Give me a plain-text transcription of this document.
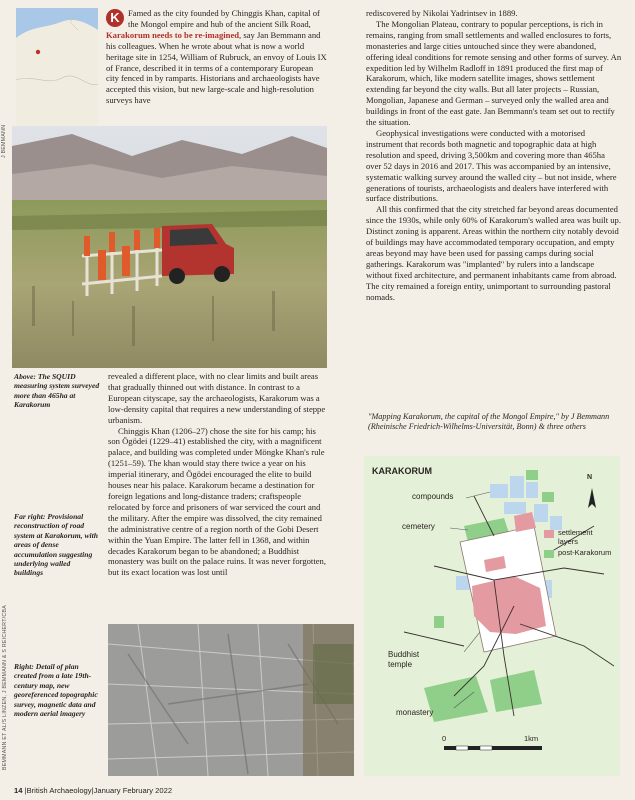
J BEMMANN

K Famed as the city founded by Chinggis Khan, capital of the Mongol empire and hub of the ancient Silk Road, Karakorum needs to be re-imagined, say Jan Bemmann and his colleagues. When he wrote about what is now a world heritage site in 1254, William of Rubruck, an envoy of Louis IX of France, described it in terms of a contemporary European city fenced in by ramparts. Historians and archaeologists have accepted this vision, but new large-scale and high-resolution surveys have

Above: The SQUID measuring system surveyed more than 465ha at Karakorum

revealed a different place, with no clear limits and built areas that gradually thinned out with distance. In contrast to a European cityscape, say the archaeologists, Karakorum was a low-density capital that requires a new understanding of steppe urbanism.

Chinggis Khan (1206–27) chose the site for his camp; his son Ögödei (1229–41) established the city, with a magnificent palace, and building was completed under Möngke Khan's rule (1251–59). The khan would stay there twice a year on his imperial itinerary, and Ögödei encouraged the elite to build houses near his palace. Karakorum became a destination for foreign legations and long-distance traders; craftspeople relocated by force and prisoners of war serviced the court and the military. After the empire was dissolved, the city remained the administrative centre of a region north of the Gobi Desert within the Yuan Empire. The latter fell in 1368, and within decades Karakorum began to be abandoned; a Buddhist monastery was built on the palace ruins. It was never forgotten, but its exact location was lost until

rediscovered by Nikolai Yadrintsev in 1889.

The Mongolian Plateau, contrary to popular perceptions, is rich in remains, ranging from small settlements and walled enclosures to forts, monasteries and large cities untouched since they were abandoned, offering ideal conditions for remote sensing and other forms of survey. An expedition led by Wilhelm Radloff in 1891 produced the first map of Karakorum, which, like modern satellite images, shows settlement extending far beyond the city walls. But all later projects – Russian, Mongolian, Japanese and German – surveyed only the walled area and buildings in front of the east gate. Jan Bemmann's team set out to rectify the situation.

Geophysical investigations were conducted with a motorised instrument that records both magnetic and topographic data at high resolution and speed, driving 3,500km and covering more than 465ha over 52 days in 2016 and 2017. This was accompanied by an intensive, systematic walking survey around the walled city – but not inside, where generations of tourists, archaeologists and dealers have interfered with surface distributions.

All this confirmed that the city stretched far beyond areas documented since the 1930s, while only 60% of Karakorum's walled area was built up. Distinct zoning is apparent. Areas within the northern city notably devoid of buildings may have accommodated temporary occupation, and empty areas beyond may have been used for passing camps during social gatherings. Karakorum was "implanted" by rulers into a landscape without fixed architecture, and permanent inhabitants came from abroad. The city remained a foreign entity, unimportant to surrounding pastoral nomads.

"Mapping Karakorum, the capital of the Mongol Empire," by J Bemmann (Rheinische Friedrich-Wilhelms-Universität, Bonn) & three others
Far right: Provisional reconstruction of road system at Karakorum, with areas of dense accumulation suggesting underlying walled buildings
Right: Detail of plan created from a late 19th-century map, new georeferenced topographic survey, magnetic data and modern aerial imagery
BEMMANN ET AL/S LINZEN, J BEMMANN & S REICHERT/CBA
KARAKORUM
N
compounds
cemetery
settlement layers
post-Karakorum
Buddhist temple
monastery
0	1km
14 |British Archaeology|January February 2022
